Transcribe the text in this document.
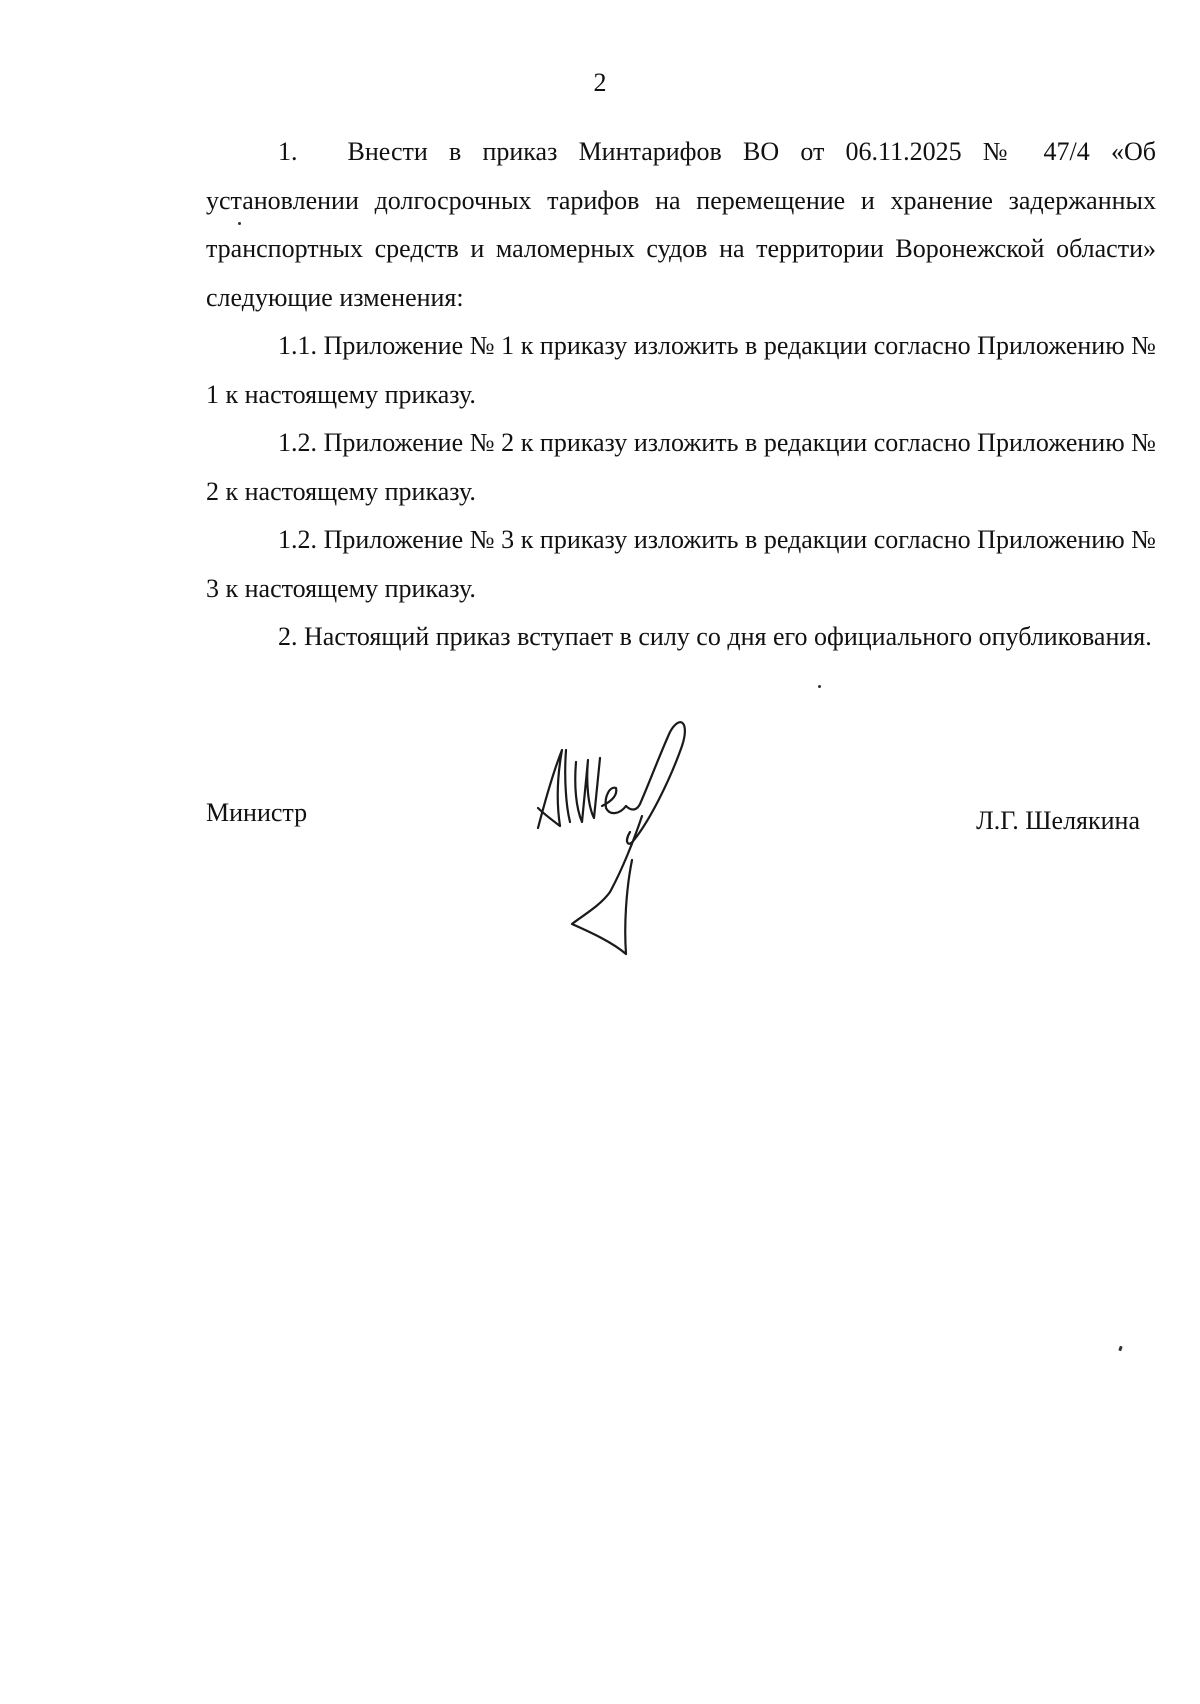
2

1. Внести в приказ Минтарифов ВО от 06.11.2025 № 47/4 «Об установлении долгосрочных тарифов на перемещение и хранение задержанных транспортных средств и маломерных судов на территории Воронежской области» следующие изменения:

1.1. Приложение № 1 к приказу изложить в редакции согласно Приложению № 1 к настоящему приказу.

1.2. Приложение № 2 к приказу изложить в редакции согласно Приложению № 2 к настоящему приказу.

1.2. Приложение № 3 к приказу изложить в редакции согласно Приложению № 3 к настоящему приказу.

2. Настоящий приказ вступает в силу со дня его официального опубликования.

Министр	Л.Г. Шелякина
